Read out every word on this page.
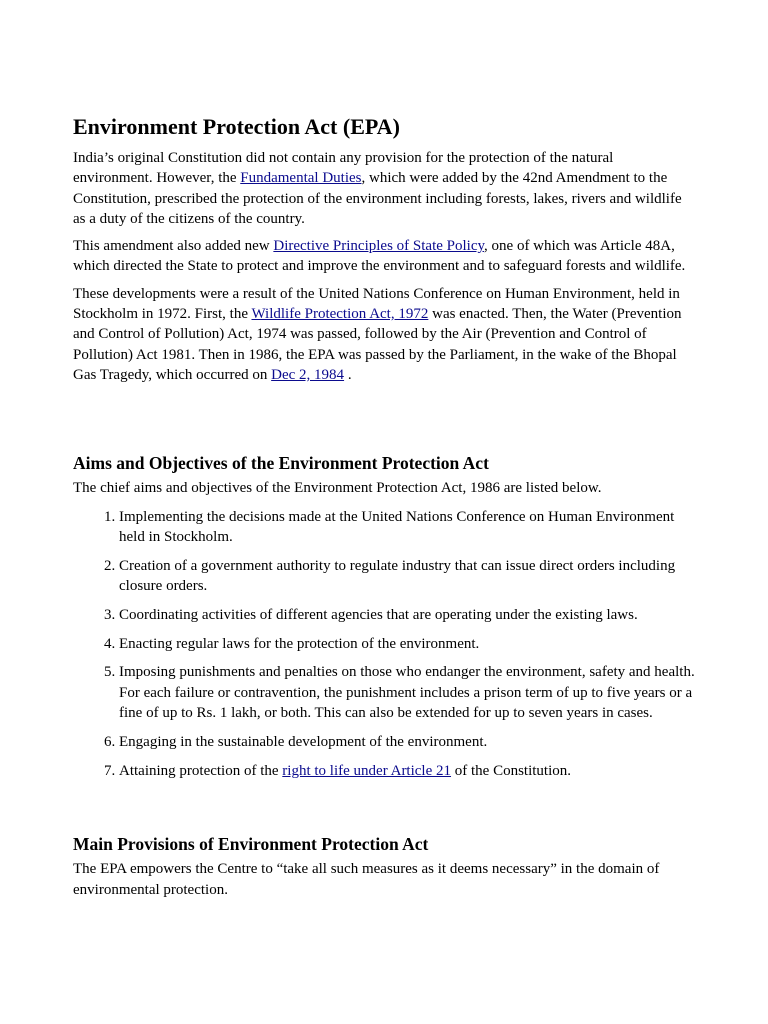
Environment Protection Act (EPA)

India’s original Constitution did not contain any provision for the protection of the natural environment. However, the Fundamental Duties, which were added by the 42nd Amendment to the Constitution, prescribed the protection of the environment including forests, lakes, rivers and wildlife as a duty of the citizens of the country.

This amendment also added new Directive Principles of State Policy, one of which was Article 48A, which directed the State to protect and improve the environment and to safeguard forests and wildlife.

These developments were a result of the United Nations Conference on Human Environment, held in Stockholm in 1972. First, the Wildlife Protection Act, 1972 was enacted. Then, the Water (Prevention and Control of Pollution) Act, 1974 was passed, followed by the Air (Prevention and Control of Pollution) Act 1981. Then in 1986, the EPA was passed by the Parliament, in the wake of the Bhopal Gas Tragedy, which occurred on Dec 2, 1984 .

Aims and Objectives of the Environment Protection Act

The chief aims and objectives of the Environment Protection Act, 1986 are listed below.

1. Implementing the decisions made at the United Nations Conference on Human Environment held in Stockholm.
2. Creation of a government authority to regulate industry that can issue direct orders including closure orders.
3. Coordinating activities of different agencies that are operating under the existing laws.
4. Enacting regular laws for the protection of the environment.
5. Imposing punishments and penalties on those who endanger the environment, safety and health. For each failure or contravention, the punishment includes a prison term of up to five years or a fine of up to Rs. 1 lakh, or both. This can also be extended for up to seven years in cases.
6. Engaging in the sustainable development of the environment.
7. Attaining protection of the right to life under Article 21 of the Constitution.
Main Provisions of Environment Protection Act

The EPA empowers the Centre to “take all such measures as it deems necessary” in the domain of environmental protection.
